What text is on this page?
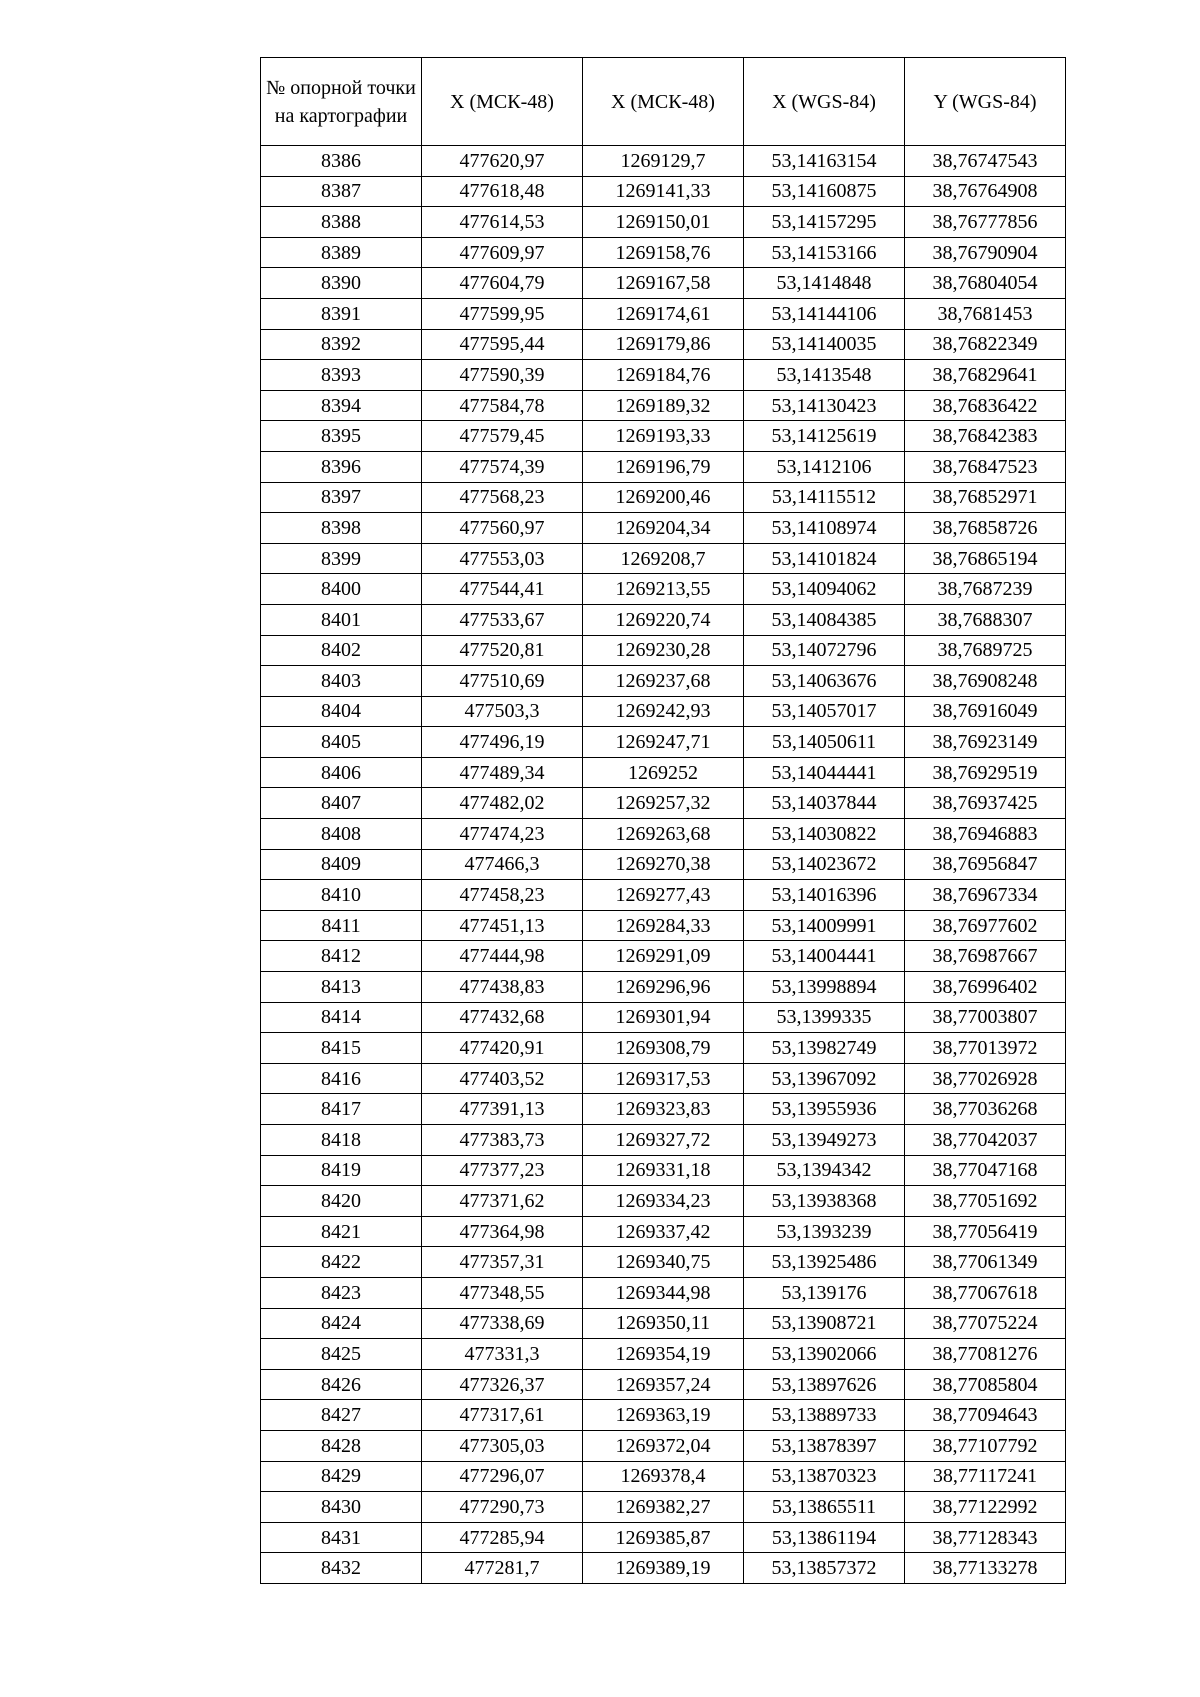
№ опорной точки на картографии	X (МСК-48)	X (МСК-48)	X (WGS-84)	Y (WGS-84)
8386	477620,97	1269129,7	53,14163154	38,76747543
8387	477618,48	1269141,33	53,14160875	38,76764908
8388	477614,53	1269150,01	53,14157295	38,76777856
8389	477609,97	1269158,76	53,14153166	38,76790904
8390	477604,79	1269167,58	53,1414848	38,76804054
8391	477599,95	1269174,61	53,14144106	38,7681453
8392	477595,44	1269179,86	53,14140035	38,76822349
8393	477590,39	1269184,76	53,1413548	38,76829641
8394	477584,78	1269189,32	53,14130423	38,76836422
8395	477579,45	1269193,33	53,14125619	38,76842383
8396	477574,39	1269196,79	53,1412106	38,76847523
8397	477568,23	1269200,46	53,14115512	38,76852971
8398	477560,97	1269204,34	53,14108974	38,76858726
8399	477553,03	1269208,7	53,14101824	38,76865194
8400	477544,41	1269213,55	53,14094062	38,7687239
8401	477533,67	1269220,74	53,14084385	38,7688307
8402	477520,81	1269230,28	53,14072796	38,7689725
8403	477510,69	1269237,68	53,14063676	38,76908248
8404	477503,3	1269242,93	53,14057017	38,76916049
8405	477496,19	1269247,71	53,14050611	38,76923149
8406	477489,34	1269252	53,14044441	38,76929519
8407	477482,02	1269257,32	53,14037844	38,76937425
8408	477474,23	1269263,68	53,14030822	38,76946883
8409	477466,3	1269270,38	53,14023672	38,76956847
8410	477458,23	1269277,43	53,14016396	38,76967334
8411	477451,13	1269284,33	53,14009991	38,76977602
8412	477444,98	1269291,09	53,14004441	38,76987667
8413	477438,83	1269296,96	53,13998894	38,76996402
8414	477432,68	1269301,94	53,1399335	38,77003807
8415	477420,91	1269308,79	53,13982749	38,77013972
8416	477403,52	1269317,53	53,13967092	38,77026928
8417	477391,13	1269323,83	53,13955936	38,77036268
8418	477383,73	1269327,72	53,13949273	38,77042037
8419	477377,23	1269331,18	53,1394342	38,77047168
8420	477371,62	1269334,23	53,13938368	38,77051692
8421	477364,98	1269337,42	53,1393239	38,77056419
8422	477357,31	1269340,75	53,13925486	38,77061349
8423	477348,55	1269344,98	53,139176	38,77067618
8424	477338,69	1269350,11	53,13908721	38,77075224
8425	477331,3	1269354,19	53,13902066	38,77081276
8426	477326,37	1269357,24	53,13897626	38,77085804
8427	477317,61	1269363,19	53,13889733	38,77094643
8428	477305,03	1269372,04	53,13878397	38,77107792
8429	477296,07	1269378,4	53,13870323	38,77117241
8430	477290,73	1269382,27	53,13865511	38,77122992
8431	477285,94	1269385,87	53,13861194	38,77128343
8432	477281,7	1269389,19	53,13857372	38,77133278
